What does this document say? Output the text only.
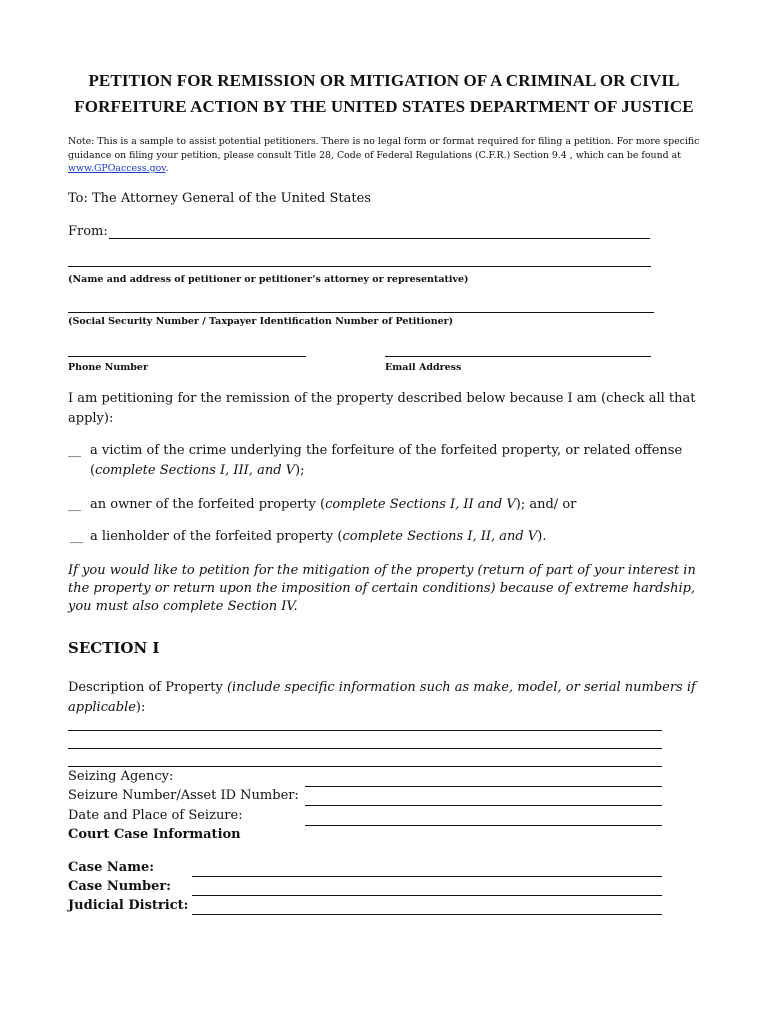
PETITION FOR REMISSION OR MITIGATION OF A CRIMINAL OR CIVIL
FORFEITURE ACTION BY THE UNITED STATES DEPARTMENT OF JUSTICE
Note: This is a sample to assist potential petitioners. There is no legal form or format required for filing a petition. For more specific guidance on filing your petition, please consult Title 28, Code of Federal Regulations (C.F.R.) Section 9.4 , which can be found at www.GPOaccess.gov.
To: The Attorney General of the United States
From:
(Name and address of petitioner or petitioner’s attorney or representative)
(Social Security Number / Taxpayer Identification Number of Petitioner)
Phone Number	Email Address
I am petitioning for the remission of the property described below because I am (check all that apply):
__ a victim of the crime underlying the forfeiture of the forfeited property, or related offense
(complete Sections I, III, and V);
__ an owner of the forfeited property (complete Sections I, II and V); and/ or
__ a lienholder of the forfeited property (complete Sections I, II, and V).
If you would like to petition for the mitigation of the property (return of part of your interest in the property or return upon the imposition of certain conditions) because of extreme hardship, you must also complete Section IV.
SECTION I
Description of Property (include specific information such as make, model, or serial numbers if applicable):
Seizing Agency:
Seizure Number/Asset ID Number:
Date and Place of Seizure:
Court Case Information
Case Name:
Case Number:
Judicial District:
